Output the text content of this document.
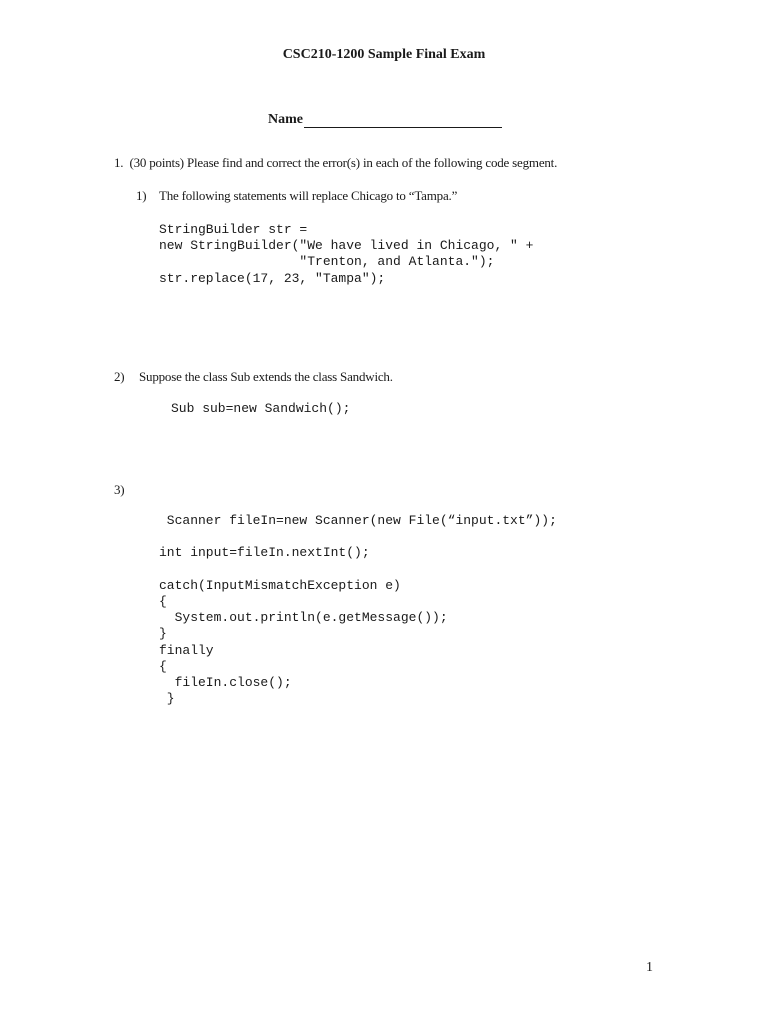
CSC210-1200 Sample Final Exam
Name
1.  (30 points) Please find and correct the error(s) in each of the following code segment.
1) The following statements will replace Chicago to “Tampa.”
StringBuilder str =
new StringBuilder("We have lived in Chicago, " +
"Trenton, and Atlanta.");
str.replace(17, 23, "Tampa");
2) Suppose the class Sub extends the class Sandwich.
Sub sub=new Sandwich();
3)
Scanner fileIn=new Scanner(new File(“input.txt”));

int input=fileIn.nextInt();

catch(InputMismatchException e)
{
System.out.println(e.getMessage());
}
finally
{
fileIn.close();
}
1
